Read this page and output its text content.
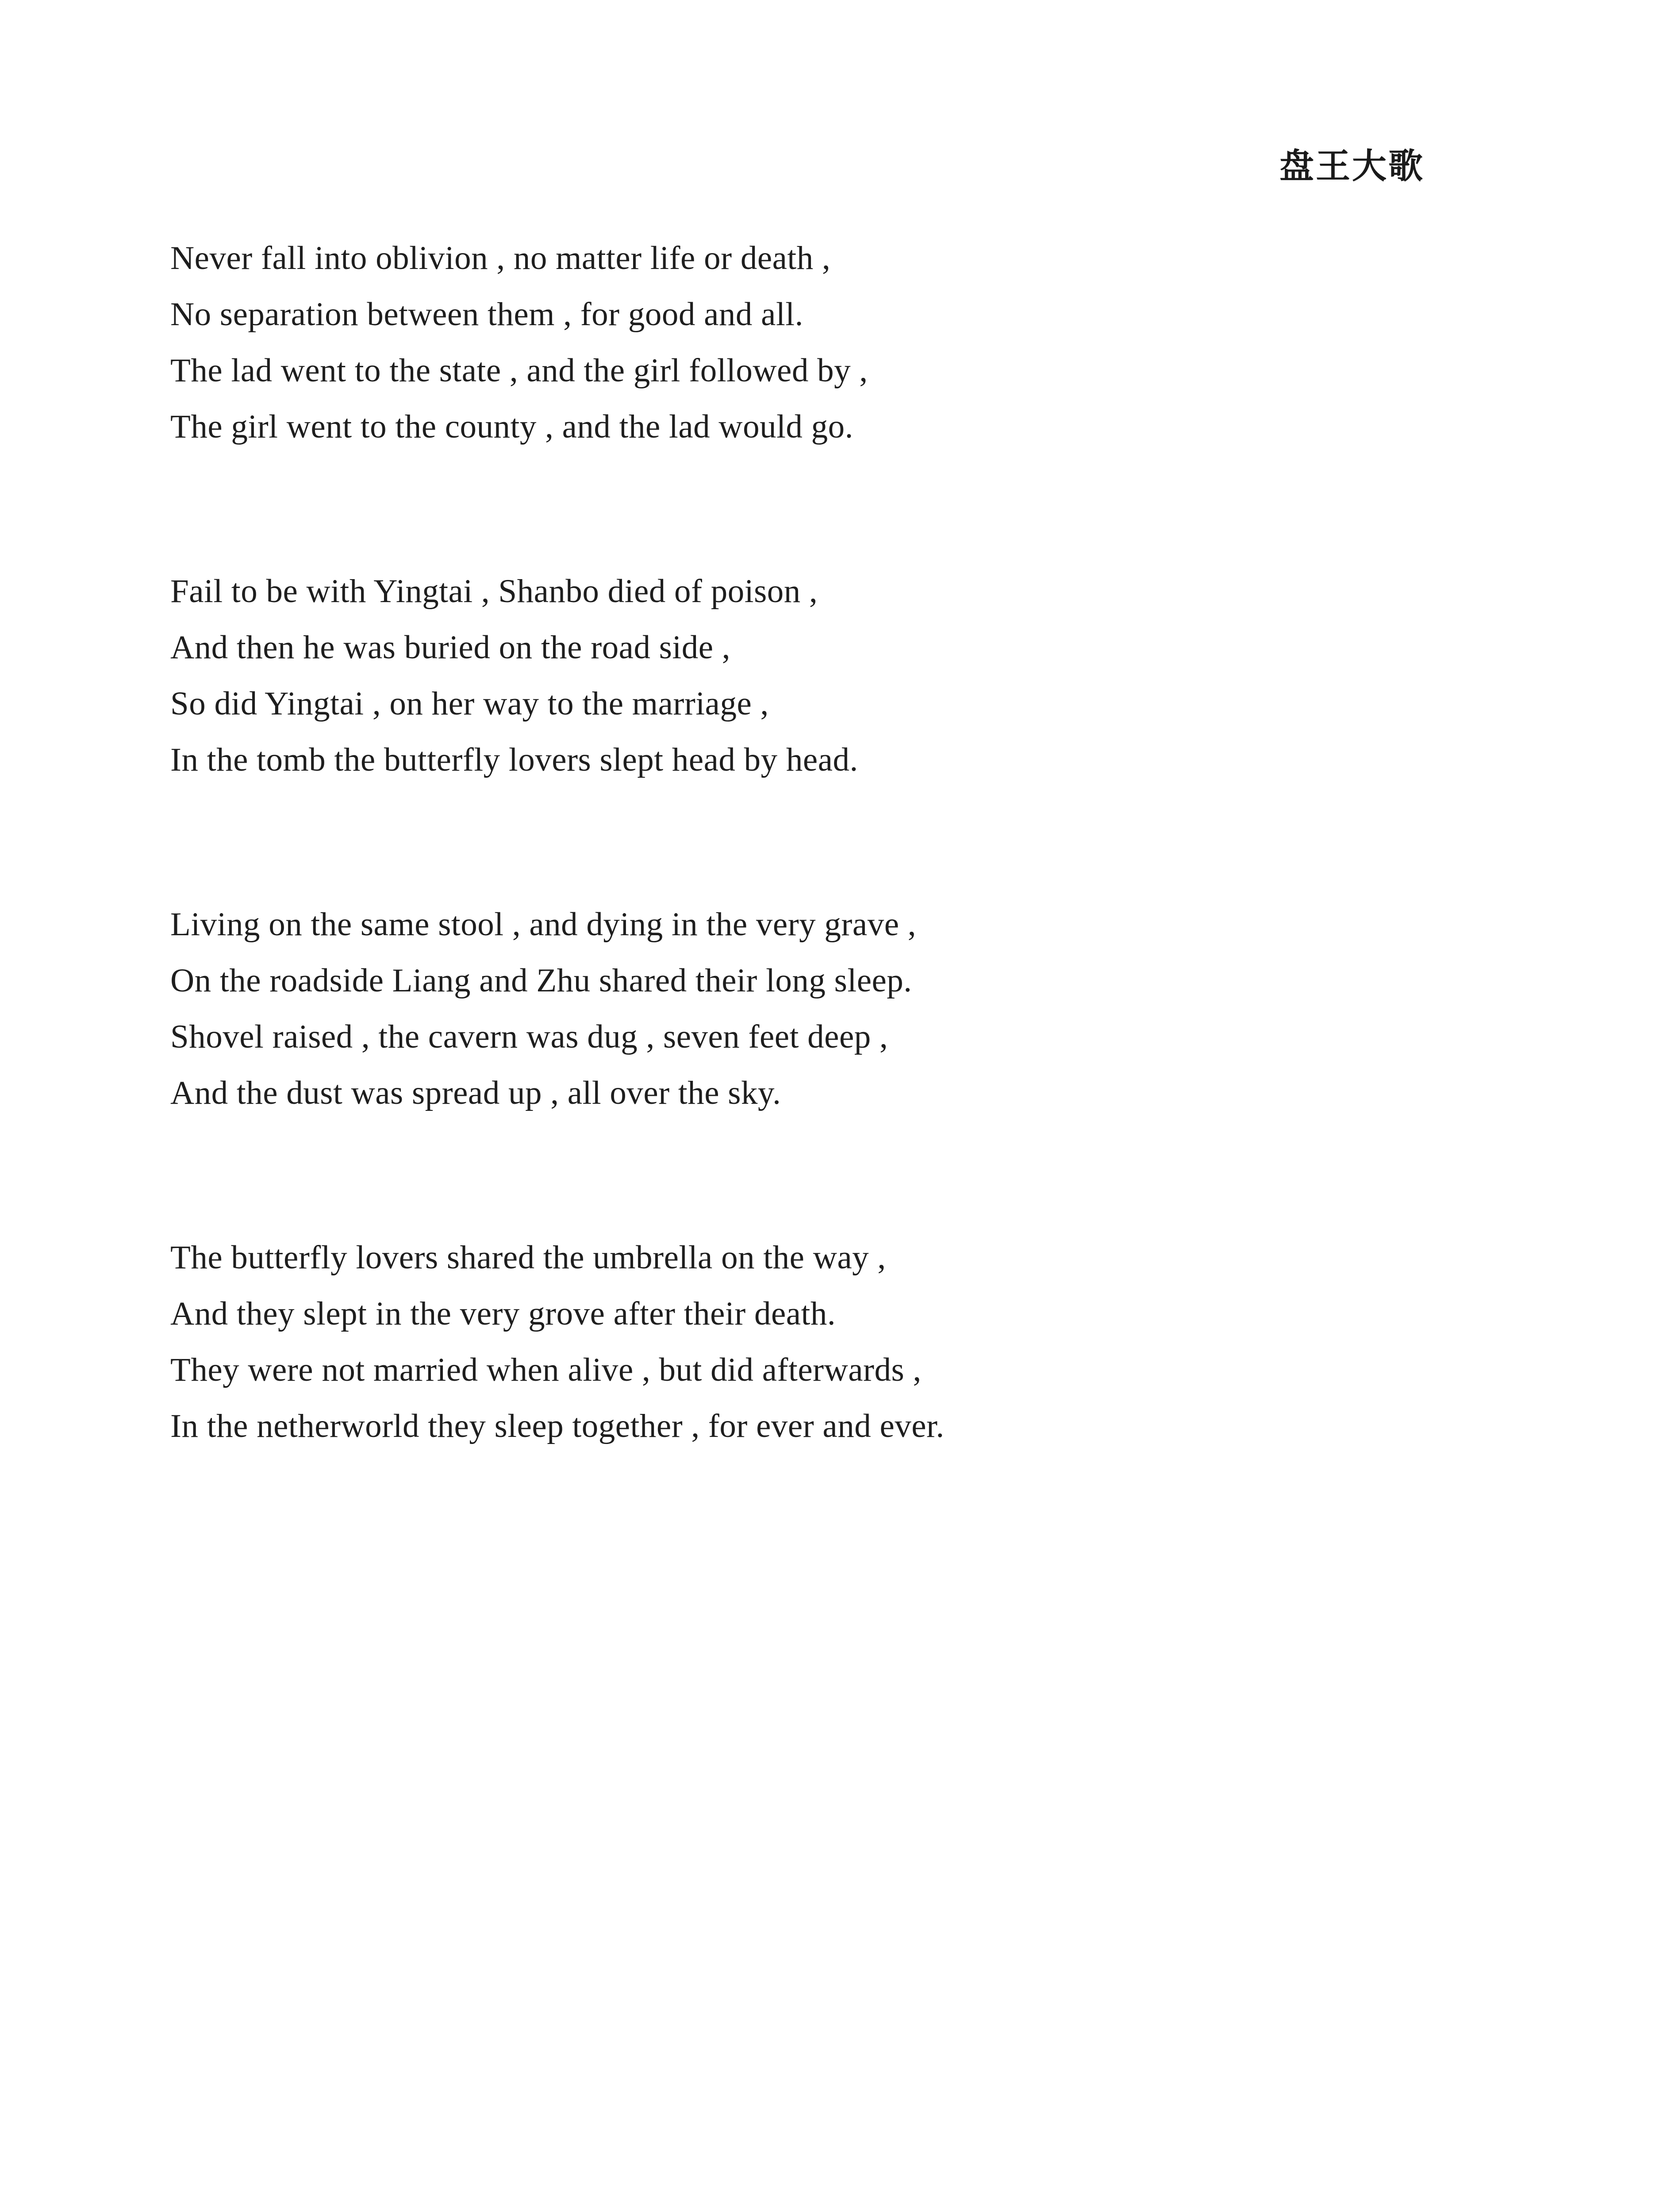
盘王大歌
Never fall into oblivion , no matter life or death ,
No separation between them , for good and all.
The lad went to the state , and the girl followed by ,
The girl went to the county , and the lad would go.
Fail to be with Yingtai , Shanbo died of poison ,
And then he was buried on the road side ,
So did Yingtai , on her way to the marriage ,
In the tomb the butterfly lovers slept head by head.
Living on the same stool , and dying in the very grave ,
On the roadside Liang and Zhu shared their long sleep.
Shovel raised , the cavern was dug , seven feet deep ,
And the dust was spread up , all over the sky.
The butterfly lovers shared the umbrella on the way ,
And they slept in the very grove after their death.
They were not married when alive , but did afterwards ,
In the netherworld they sleep together , for ever and ever.
